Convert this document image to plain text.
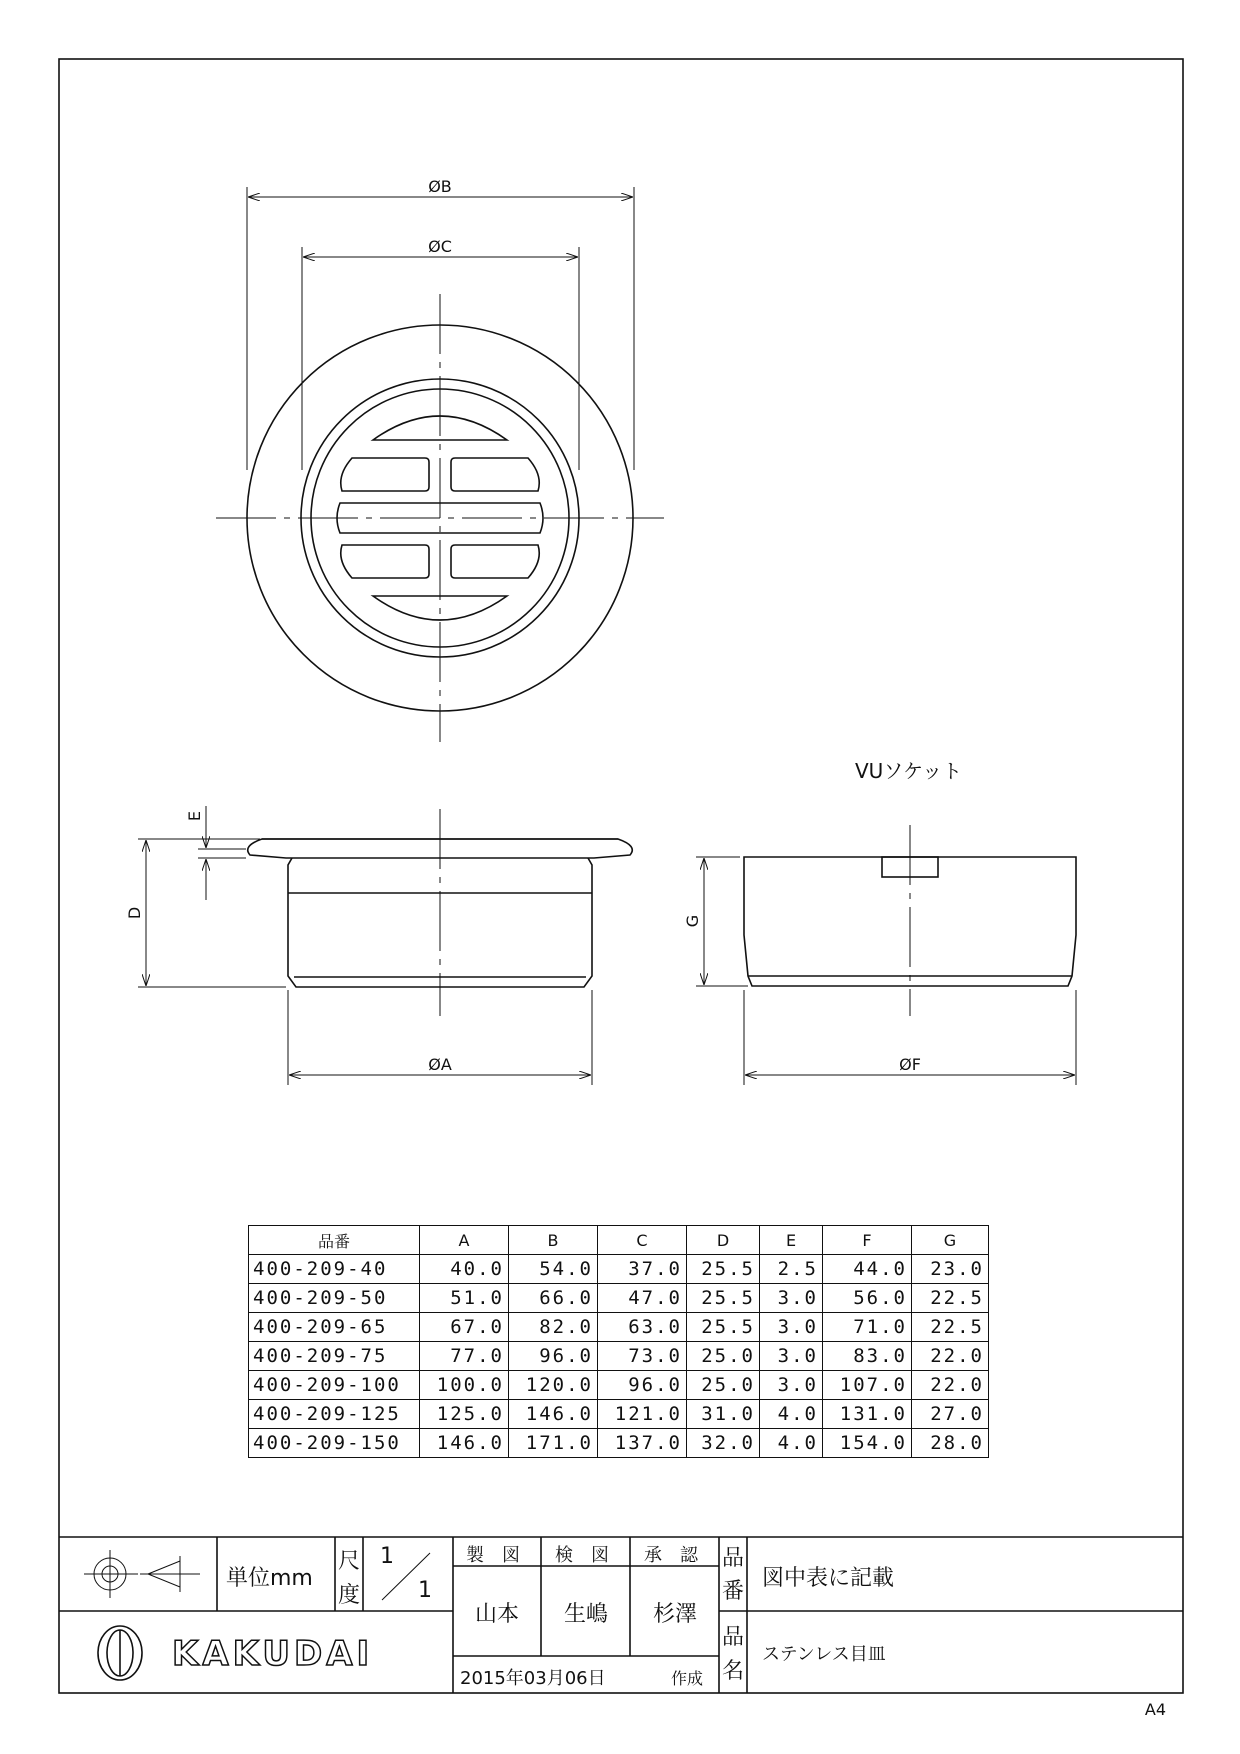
ØB
ØC
D
E
ØA
VUソケット
G
ØF
A4
品番	A	B	C	D	E	F	G
400-209-40	40.0	54.0	37.0	25.5	2.5	44.0	23.0
400-209-50	51.0	66.0	47.0	25.5	3.0	56.0	22.5
400-209-65	67.0	82.0	63.0	25.5	3.0	71.0	22.5
400-209-75	77.0	96.0	73.0	25.0	3.0	83.0	22.0
400-209-100	100.0	120.0	96.0	25.0	3.0	107.0	22.0
400-209-125	125.0	146.0	121.0	31.0	4.0	131.0	27.0
400-209-150	146.0	171.0	137.0	32.0	4.0	154.0	28.0
単位mm
尺
度
1
1
製　図 検　図 承　認
山本 生嶋 杉澤
2015年03月06日	作成
品
番
図中表に記載
品
名
ステンレス目皿
KAKUDAI
